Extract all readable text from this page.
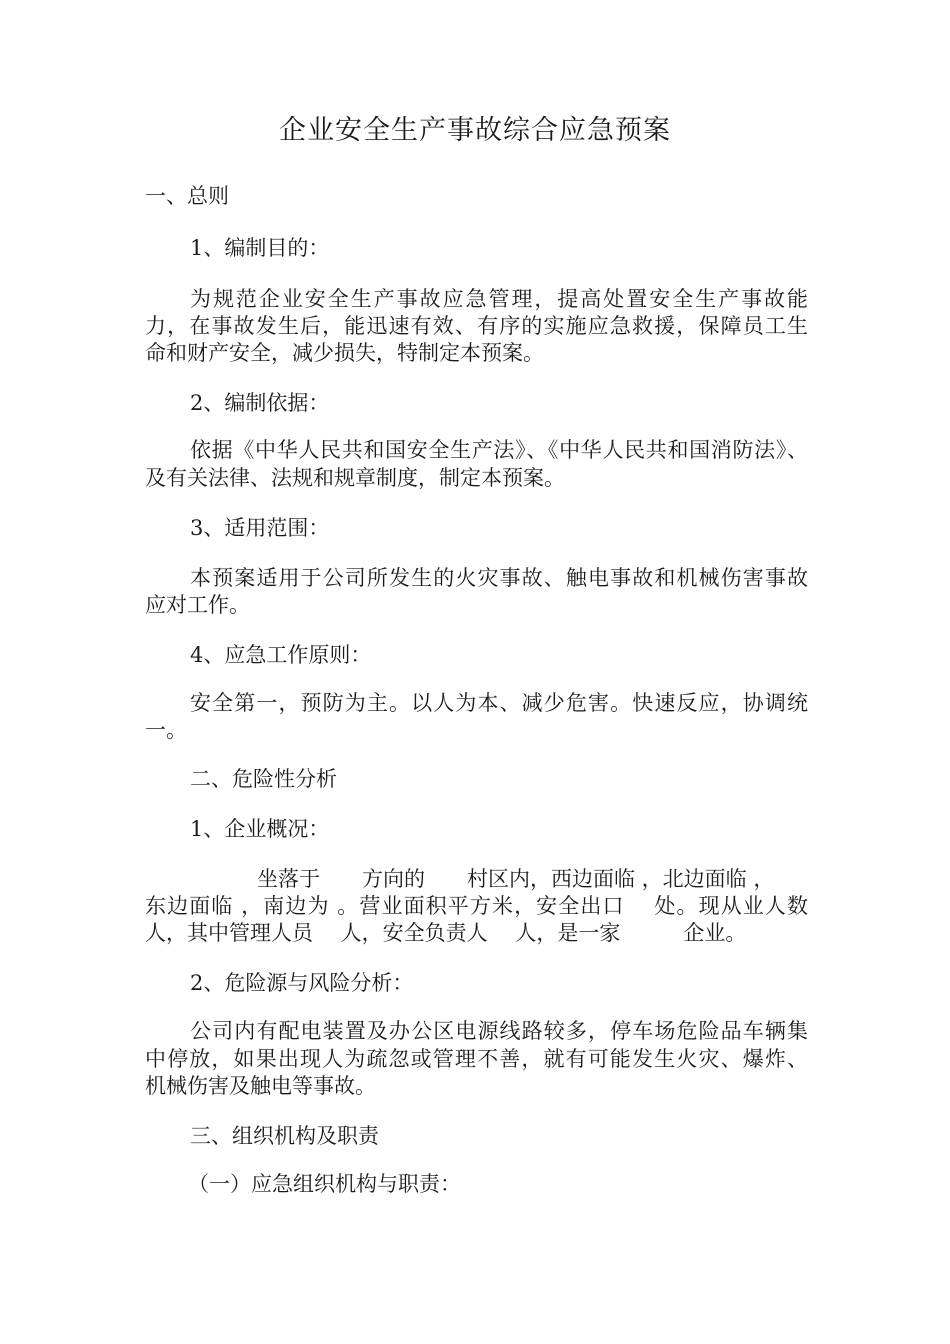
企业安全生产事故综合应急预案
一、总则
1、编制目的：
为规范企业安全生产事故应急管理，提高处置安全生产事故能
力，在事故发生后，能迅速有效、有序的实施应急救援，保障员工生
命和财产安全，减少损失，特制定本预案。
2、编制依据：
依据《中华人民共和国安全生产法》、《中华人民共和国消防法》、
及有关法律、法规和规章制度，制定本预案。
3、适用范围：
本预案适用于公司所发生的火灾事故、触电事故和机械伤害事故
应对工作。
4、应急工作原则：
安全第一，预防为主。以人为本、减少危害。快速反应，协调统
一。
二、危险性分析
1、企业概况：
坐落于　　方向的　　村区内，西边面临 ，北边面临 ，
东边面临 ，南边为 。营业面积平方米，安全出口　 处。现从业人数
人，其中管理人员　 人，安全负责人　 人，是一家　　　企业。
2、危险源与风险分析：
公司内有配电装置及办公区电源线路较多，停车场危险品车辆集
中停放，如果出现人为疏忽或管理不善，就有可能发生火灾、爆炸、
机械伤害及触电等事故。
三、组织机构及职责
（一）应急组织机构与职责：
